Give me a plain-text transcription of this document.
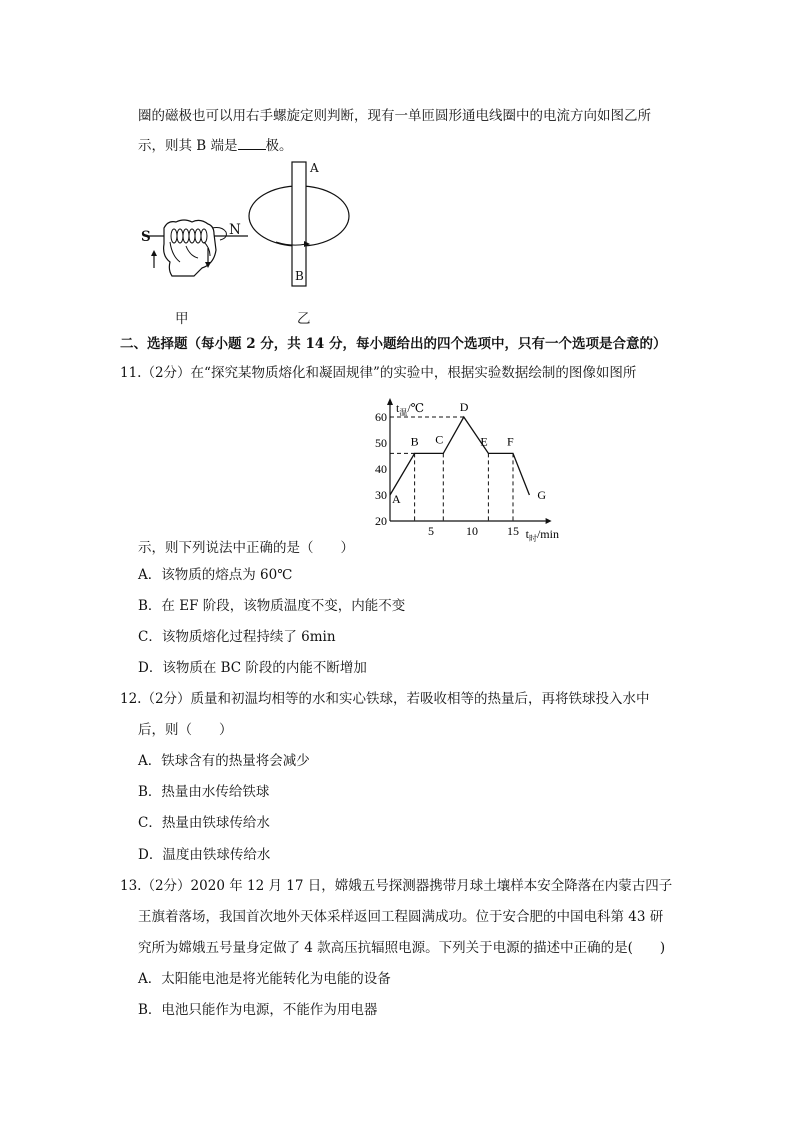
圈的磁极也可以用右手螺旋定则判断，现有一单匝圆形通电线圈中的电流方向如图乙所
示，则其 B 端是 极。
S	N
甲
A
B
乙
二、选择题（每小题 2 分，共 14 分，每小题给出的四个选项中，只有一个选项是合意的）
11.（2分）在“探究某物质熔化和凝固规律”的实验中，根据实验数据绘制的图像如图所
20
30
40
50
60
5	10 15
$t_温/℃$
$t_时/\min$
A
B C
D
E F
G
示，则下列说法中正确的是（　　）
A．该物质的熔点为 60℃
B．在 EF 阶段，该物质温度不变，内能不变
C．该物质熔化过程持续了 6min
D．该物质在 BC 阶段的内能不断增加
12.（2分）质量和初温均相等的水和实心铁球，若吸收相等的热量后，再将铁球投入水中
后，则（　　）
A．铁球含有的热量将会减少
B．热量由水传给铁球
C．热量由铁球传给水
D．温度由铁球传给水
13.（2分）2020 年 12 月 17 日，嫦娥五号探测器携带月球土壤样本安全降落在内蒙古四子
王旗着落场，我国首次地外天体采样返回工程圆满成功。位于安合肥的中国电科第 43 研
究所为嫦娥五号量身定做了 4 款高压抗辐照电源。下列关于电源的描述中正确的是(　　)
A．太阳能电池是将光能转化为电能的设备
B．电池只能作为电源，不能作为用电器
